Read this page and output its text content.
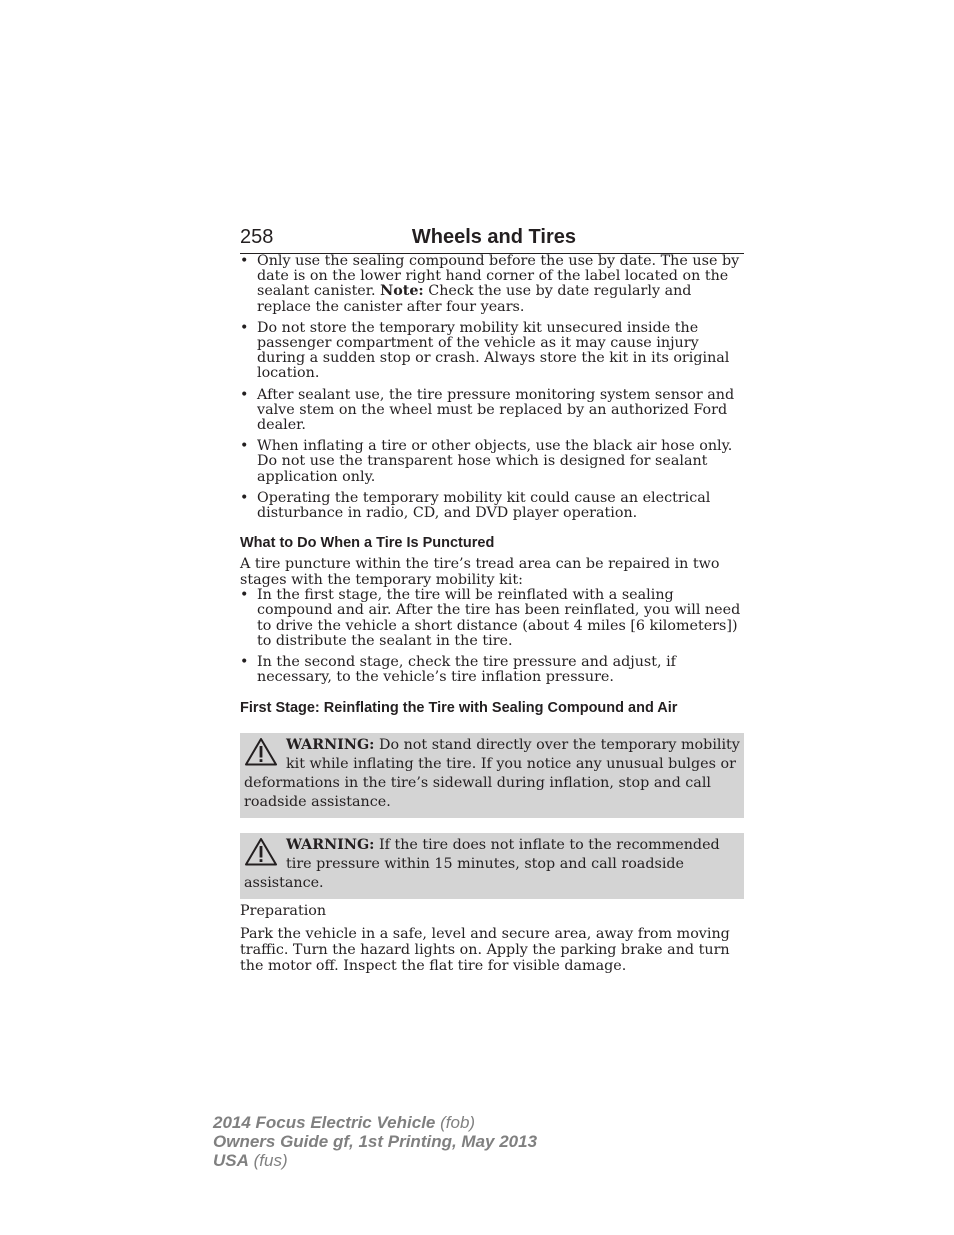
258	Wheels and Tires
• Only use the sealing compound before the use by date. The use by date is on the lower right hand corner of the label located on the sealant canister. Note: Check the use by date regularly and replace the canister after four years.
• Do not store the temporary mobility kit unsecured inside the passenger compartment of the vehicle as it may cause injury during a sudden stop or crash. Always store the kit in its original location.
• After sealant use, the tire pressure monitoring system sensor and valve stem on the wheel must be replaced by an authorized Ford dealer.
• When inflating a tire or other objects, use the black air hose only. Do not use the transparent hose which is designed for sealant application only.
• Operating the temporary mobility kit could cause an electrical disturbance in radio, CD, and DVD player operation.
What to Do When a Tire Is Punctured

A tire puncture within the tire’s tread area can be repaired in two stages with the temporary mobility kit:

• In the first stage, the tire will be reinflated with a sealing compound and air. After the tire has been reinflated, you will need to drive the vehicle a short distance (about 4 miles [6 kilometers]) to distribute the sealant in the tire.
• In the second stage, check the tire pressure and adjust, if necessary, to the vehicle’s tire inflation pressure.
First Stage: Reinflating the Tire with Sealing Compound and Air
WARNING: Do not stand directly over the temporary mobility kit while inflating the tire. If you notice any unusual bulges or deformations in the tire’s sidewall during inflation, stop and call roadside assistance.
WARNING: If the tire does not inflate to the recommended tire pressure within 15 minutes, stop and call roadside assistance.

Preparation

Park the vehicle in a safe, level and secure area, away from moving traffic. Turn the hazard lights on. Apply the parking brake and turn the motor off. Inspect the flat tire for visible damage.

2014 Focus Electric Vehicle (fob)
Owners Guide gf, 1st Printing, May 2013
USA (fus)
